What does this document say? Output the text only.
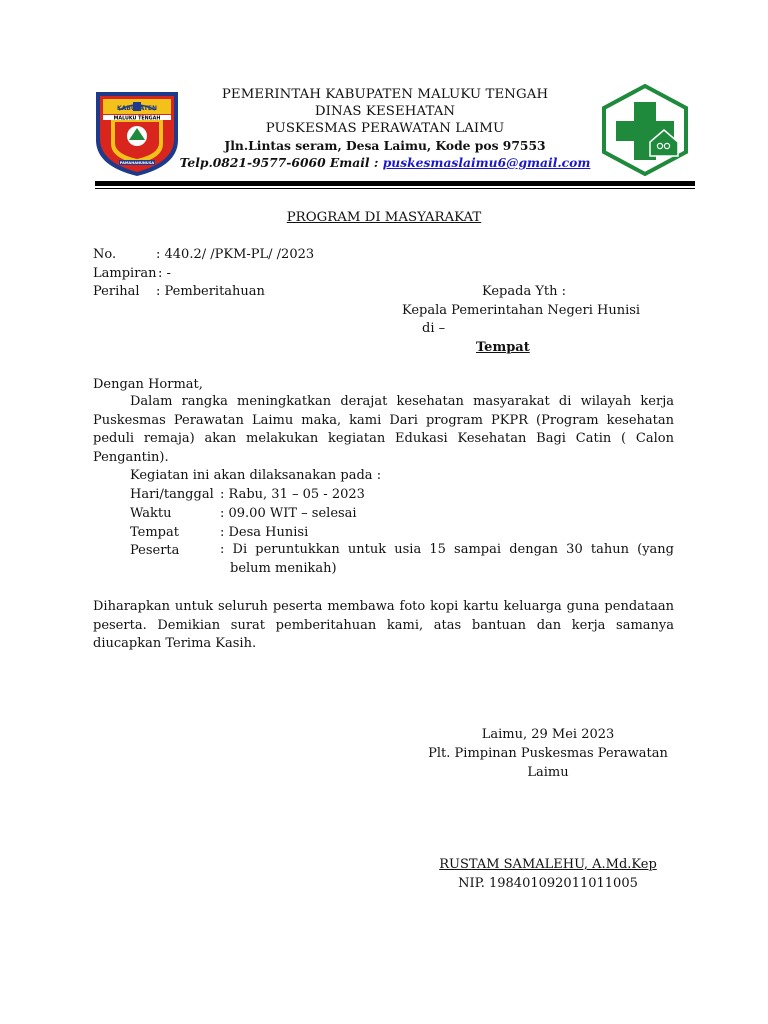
KABUPATEN
MALUKU TENGAH
PAMAHANUNUSA
PEMERINTAH KABUPATEN MALUKU TENGAH
DINAS KESEHATAN
PUSKESMAS PERAWATAN LAIMU
Jln.Lintas seram, Desa Laimu, Kode pos 97553
Telp.0821-9577-6060 Email : puskesmaslaimu6@gmail.com
PROGRAM DI MASYARAKAT
No.	: 440.2/ /PKM-PL/ /2023
Lampiran : -
Perihal : Pemberitahuan	Kepada Yth :
Kepala Pemerintahan Negeri Hunisi
di –
Tempat
Dengan Hormat,
Dalam rangka meningkatkan derajat kesehatan masyarakat di wilayah kerja Puskesmas Perawatan Laimu maka, kami Dari program PKPR (Program kesehatan peduli remaja) akan melakukan kegiatan Edukasi Kesehatan Bagi Catin ( Calon Pengantin).
Kegiatan ini akan dilaksanakan pada :
Hari/tanggal : Rabu, 31 – 05 - 2023
Waktu	: 09.00 WIT – selesai
Tempat	: Desa Hunisi
Peserta	: Di peruntukkan untuk usia 15 sampai dengan 30 tahun (yang belum menikah)
Diharapkan untuk seluruh peserta membawa foto kopi kartu keluarga guna pendataan peserta. Demikian surat pemberitahuan kami, atas bantuan dan kerja samanya diucapkan Terima Kasih.
Laimu, 29 Mei 2023
Plt. Pimpinan Puskesmas Perawatan
Laimu
RUSTAM SAMALEHU, A.Md.Kep
NIP. 198401092011011005
